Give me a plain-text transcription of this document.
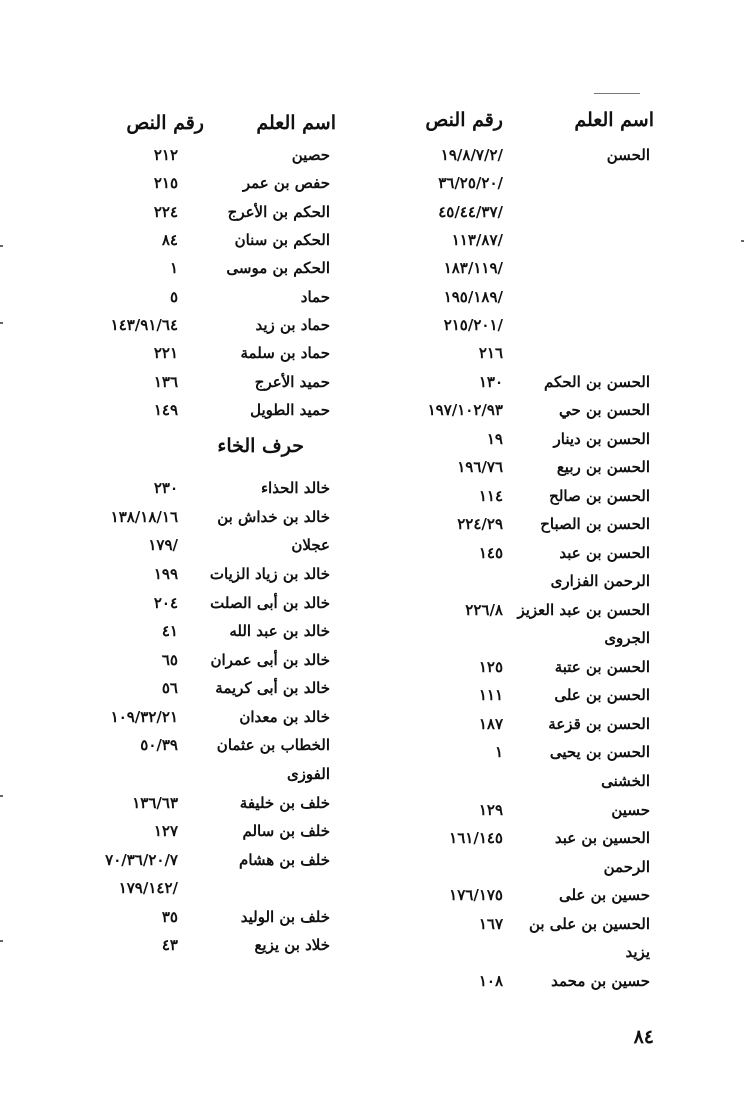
اسم العلم
رقم النص
اسم العلم
رقم النص
الحسن
/١٩/٨/٧/٢
/٣٦/٢٥/٢٠
/٤٥/٤٤/٣٧
/١١٣/٨٧
/١٨٣/١١٩
/١٩٥/١٨٩
/٢١٥/٢٠١
٢١٦
الحسن بن الحكم
١٣٠
الحسن بن حي
١٩٧/١٠٢/٩٣
الحسن بن دينار
١٩
الحسن بن ربيع
١٩٦/٧٦
الحسن بن صالح
١١٤
الحسن بن الصباح
٢٢٤/٢٩
الحسن بن عبد
١٤٥
الرحمن الفزارى
الحسن بن عبد العزيز
٢٢٦/٨
الجروى
الحسن بن عتبة
١٢٥
الحسن بن على
١١١
الحسن بن قزعة
١٨٧
الحسن بن يحيى
١
الخشنى
حسين
١٢٩
الحسين بن عبد
١٦١/١٤٥
الرحمن
حسين بن على
١٧٦/١٧٥
الحسين بن على بن
١٦٧
يزيد
حسين بن محمد
١٠٨
حصين
٢١٢
حفص بن عمر
٢١٥
الحكم بن الأعرج
٢٢٤
الحكم بن سنان
٨٤
الحكم بن موسى
١
حماد
٥
حماد بن زيد
١٤٣/٩١/٦٤
حماد بن سلمة
٢٢١
حميد الأعرج
١٣٦
حميد الطويل
١٤٩
حرف الخاء
خالد الحذاء
٢٣٠
خالد بن خداش بن
١٣٨/١٨/١٦
عجلان
/١٧٩
خالد بن زياد الزيات
١٩٩
خالد بن أبى الصلت
٢٠٤
خالد بن عبد الله
٤١
خالد بن أبى عمران
٦٥
خالد بن أبى كريمة
٥٦
خالد بن معدان
١٠٩/٣٢/٢١
الخطاب بن عثمان
٥٠/٣٩
الفوزى
خلف بن خليفة
١٣٦/٦٣
خلف بن سالم
١٢٧
خلف بن هشام
٧٠/٣٦/٢٠/٧
/١٧٩/١٤٢
خلف بن الوليد
٣٥
خلاد بن يزيع
٤٣
٨٤
